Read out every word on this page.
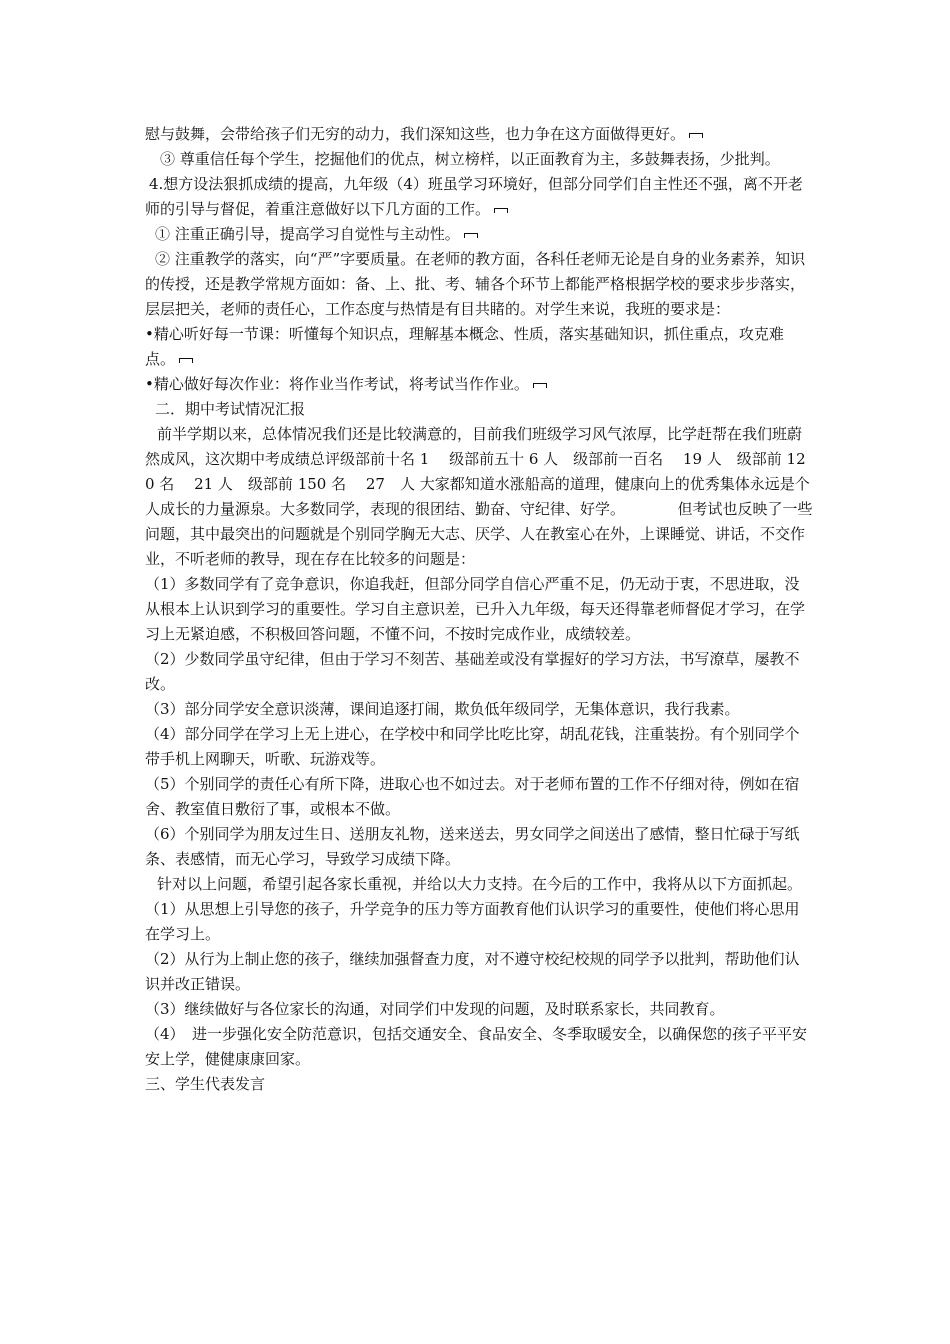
慰与鼓舞，会带给孩子们无穷的动力，我们深知这些，也力争在这方面做得更好。

③ 尊重信任每个学生，挖掘他们的优点，树立榜样，以正面教育为主，多鼓舞表扬，少批判。

4.想方设法狠抓成绩的提高，九年级（4）班虽学习环境好，但部分同学们自主性还不强，离不开老师的引导与督促，着重注意做好以下几方面的工作。

① 注重正确引导，提高学习自觉性与主动性。

② 注重教学的落实，向“严”字要质量。在老师的教方面，各科任老师无论是自身的业务素养，知识的传授，还是教学常规方面如：备、上、批、考、辅各个环节上都能严格根据学校的要求步步落实，层层把关，老师的责任心，工作态度与热情是有目共睹的。对学生来说，我班的要求是：

•精心听好每一节课：听懂每个知识点，理解基本概念、性质，落实基础知识，抓住重点，攻克难点。

•精心做好每次作业：将作业当作考试，将考试当作作业。

二．期中考试情况汇报

前半学期以来，总体情况我们还是比较满意的，目前我们班级学习风气浓厚，比学赶帮在我们班蔚然成风，这次期中考成绩总评级部前十名 1　 级部前五十 6 人　级部前一百名　 19 人　级部前 120 名　 21 人　级部前 150 名　 27　人 大家都知道水涨船高的道理，健康向上的优秀集体永远是个人成长的力量源泉。大多数同学，表现的很团结、勤奋、守纪律、好学。　　　　但考试也反映了一些问题，其中最突出的问题就是个别同学胸无大志、厌学、人在教室心在外，上课睡觉、讲话，不交作业，不听老师的教导，现在存在比较多的问题是：

（1）多数同学有了竞争意识，你追我赶，但部分同学自信心严重不足，仍无动于衷，不思进取，没从根本上认识到学习的重要性。学习自主意识差，已升入九年级，每天还得靠老师督促才学习，在学习上无紧迫感，不积极回答问题，不懂不问，不按时完成作业，成绩较差。

（2）少数同学虽守纪律，但由于学习不刻苦、基础差或没有掌握好的学习方法，书写潦草，屡教不改。

（3）部分同学安全意识淡薄，课间追逐打闹，欺负低年级同学，无集体意识，我行我素。

（4）部分同学在学习上无上进心，在学校中和同学比吃比穿，胡乱花钱，注重装扮。有个别同学个带手机上网聊天，听歌、玩游戏等。

（5）个别同学的责任心有所下降，进取心也不如过去。对于老师布置的工作不仔细对待，例如在宿舍、教室值日敷衍了事，或根本不做。

（6）个别同学为朋友过生日、送朋友礼物，送来送去，男女同学之间送出了感情，整日忙碌于写纸条、表感情，而无心学习，导致学习成绩下降。

针对以上问题，希望引起各家长重视，并给以大力支持。在今后的工作中，我将从以下方面抓起。

（1）从思想上引导您的孩子，升学竞争的压力等方面教育他们认识学习的重要性，使他们将心思用在学习上。

（2）从行为上制止您的孩子，继续加强督查力度，对不遵守校纪校规的同学予以批判，帮助他们认识并改正错误。

（3）继续做好与各位家长的沟通，对同学们中发现的问题，及时联系家长，共同教育。

（4）　进一步强化安全防范意识，包括交通安全、食品安全、冬季取暖安全，以确保您的孩子平平安安上学，健健康康回家。

三、学生代表发言
